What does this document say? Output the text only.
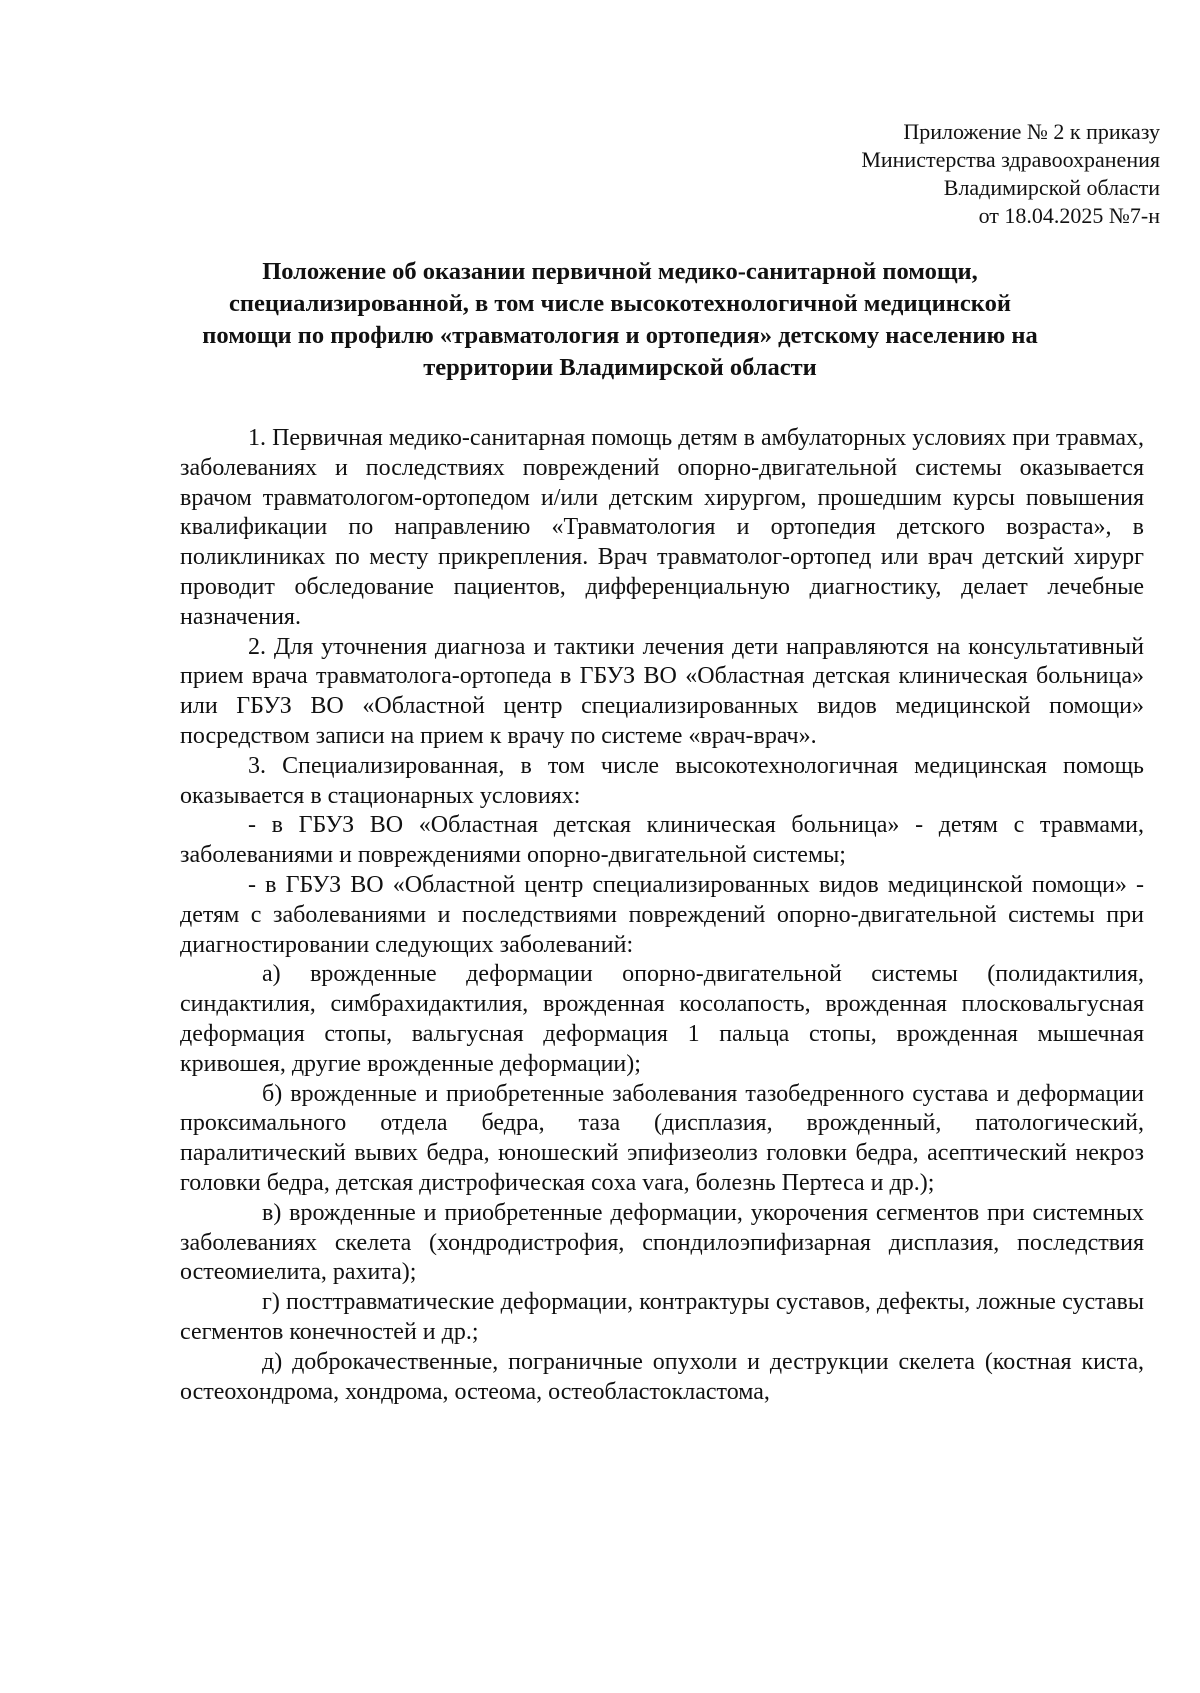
Приложение № 2 к приказу
Министерства здравоохранения
Владимирской области
от 18.04.2025 №7-н
Положение об оказании первичной медико-санитарной помощи,
специализированной, в том числе высокотехнологичной медицинской
помощи по профилю «травматология и ортопедия» детскому населению на
территории Владимирской области

1. Первичная медико-санитарная помощь детям в амбулаторных условиях при травмах, заболеваниях и последствиях повреждений опорно-двигательной системы оказывается врачом травматологом-ортопедом и/или детским хирургом, прошедшим курсы повышения квалификации по направлению «Травматология и ортопедия детского возраста», в поликлиниках по месту прикрепления. Врач травматолог-ортопед или врач детский хирург проводит обследование пациентов, дифференциальную диагностику, делает лечебные назначения.

2. Для уточнения диагноза и тактики лечения дети направляются на консультативный прием врача травматолога-ортопеда в ГБУЗ ВО «Областная детская клиническая больница» или ГБУЗ ВО «Областной центр специализированных видов медицинской помощи» посредством записи на прием к врачу по системе «врач-врач».

3. Специализированная, в том числе высокотехнологичная медицинская помощь оказывается в стационарных условиях:

- в ГБУЗ ВО «Областная детская клиническая больница» - детям с травмами, заболеваниями и повреждениями опорно-двигательной системы;

- в ГБУЗ ВО «Областной центр специализированных видов медицинской помощи» - детям с заболеваниями и последствиями повреждений опорно-двигательной системы при диагностировании следующих заболеваний:

а) врожденные деформации опорно-двигательной системы (полидактилия, синдактилия, симбрахидактилия, врожденная косолапость, врожденная плосковальгусная деформация стопы, вальгусная деформация 1 пальца стопы, врожденная мышечная кривошея, другие врожденные деформации);

б) врожденные и приобретенные заболевания тазобедренного сустава и деформации проксимального отдела бедра, таза (дисплазия, врожденный, патологический, паралитический вывих бедра, юношеский эпифизеолиз головки бедра, асептический некроз головки бедра, детская дистрофическая coxa vara, болезнь Пертеса и др.);

в) врожденные и приобретенные деформации, укорочения сегментов при системных заболеваниях скелета (хондродистрофия, спондилоэпифизарная дисплазия, последствия остеомиелита, рахита);

г) посттравматические деформации, контрактуры суставов, дефекты, ложные суставы сегментов конечностей и др.;

д) доброкачественные, пограничные опухоли и деструкции скелета (костная киста, остеохондрома, хондрома, остеома, остеобластокластома,
